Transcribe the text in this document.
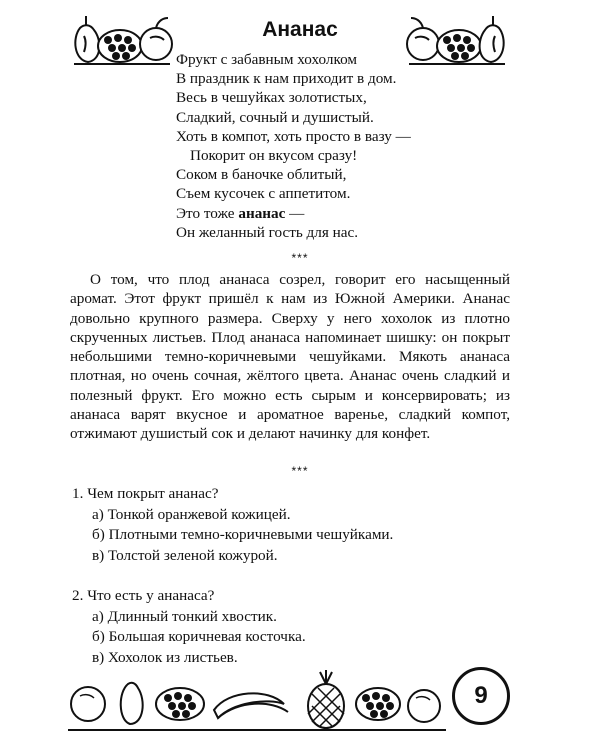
Ананас
Фрукт с забавным хохолком
В праздник к нам приходит в дом.
Весь в чешуйках золотистых,
Сладкий, сочный и душистый.
Хоть в компот, хоть просто в вазу —
Покорит он вкусом сразу!
Соком в баночке облитый,
Съем кусочек с аппетитом.
Это тоже ананас —
Он желанный гость для нас.
***
О том, что плод ананаса созрел, говорит его насыщенный аромат. Этот фрукт пришёл к нам из Южной Америки. Ананас довольно крупного размера. Сверху у него хохолок из плотно скрученных листьев. Плод ананаса напоминает шишку: он покрыт небольшими темно-коричневыми чешуйками. Мякоть ананаса плотная, но очень сочная, жёлтого цвета. Ананас очень сладкий и полезный фрукт. Его можно есть сырым и консервировать; из ананаса варят вкусное и ароматное варенье, сладкий компот, отжимают душистый сок и делают начинку для конфет.
***
1. Чем покрыт ананас?
а) Тонкой оранжевой кожицей.
б) Плотными темно-коричневыми чешуйками.
в) Толстой зеленой кожурой.
2. Что есть у ананаса?
а) Длинный тонкий хвостик.
б) Большая коричневая косточка.
в) Хохолок из листьев.
9
